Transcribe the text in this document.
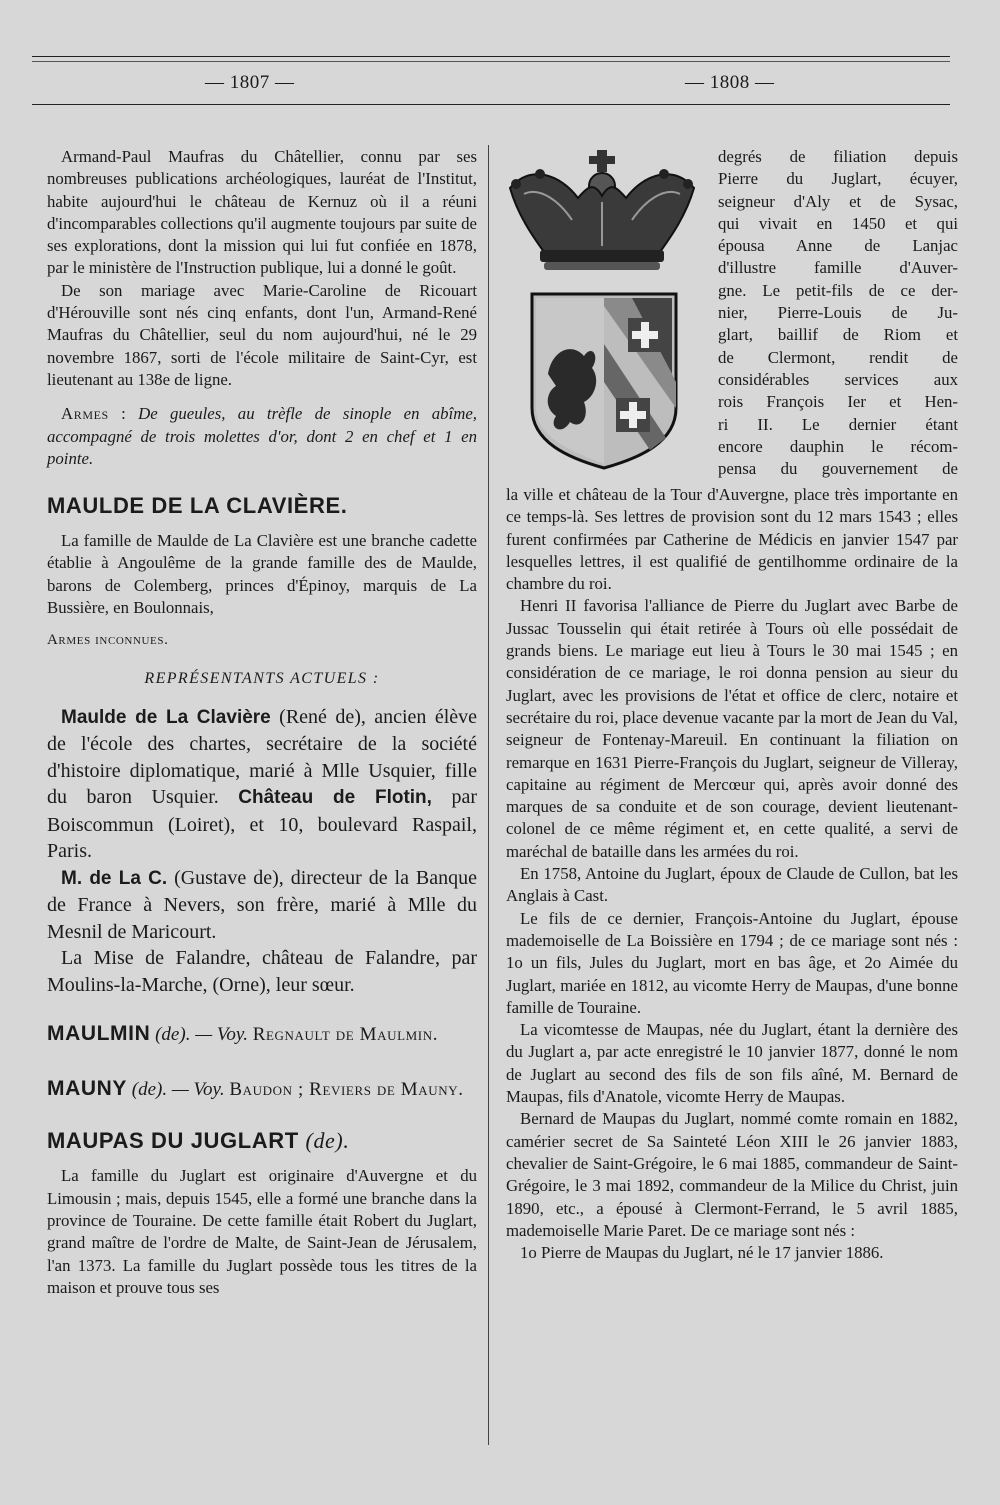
— 1807 —	— 1808 —

Armand-Paul Maufras du Châtellier, connu par ses nombreuses publications archéologiques, lauréat de l'Institut, habite aujourd'hui le château de Kernuz où il a réuni d'incomparables collections qu'il augmente toujours par suite de ses explorations, dont la mission qui lui fut confiée en 1878, par le ministère de l'Instruction publique, lui a donné le goût.

De son mariage avec Marie-Caroline de Ricouart d'Hérouville sont nés cinq enfants, dont l'un, Armand-René Maufras du Châtellier, seul du nom aujourd'hui, né le 29 novembre 1867, sorti de l'école militaire de Saint-Cyr, est lieutenant au 138e de ligne.

Armes : De gueules, au trèfle de sinople en abîme, accompagné de trois molettes d'or, dont 2 en chef et 1 en pointe.

MAULDE DE LA CLAVIÈRE.

La famille de Maulde de La Clavière est une branche cadette établie à Angoulême de la grande famille des de Maulde, barons de Colemberg, princes d'Épinoy, marquis de La Bussière, en Boulonnais,

Armes inconnues.

REPRÉSENTANTS ACTUELS :

Maulde de La Clavière (René de), ancien élève de l'école des chartes, secrétaire de la société d'histoire diplomatique, marié à Mlle Usquier, fille du baron Usquier. Château de Flotin, par Boiscommun (Loiret), et 10, boulevard Raspail, Paris.

M. de La C. (Gustave de), directeur de la Banque de France à Nevers, son frère, marié à Mlle du Mesnil de Maricourt.

La Mise de Falandre, château de Falandre, par Moulins-la-Marche, (Orne), leur sœur.

MAULMIN (de). — Voy. Regnault de Maulmin.

MAUNY (de). — Voy. Baudon ; Reviers de Mauny.

MAUPAS DU JUGLART (de).

La famille du Juglart est originaire d'Auvergne et du Limousin ; mais, depuis 1545, elle a formé une branche dans la province de Touraine. De cette famille était Robert du Juglart, grand maître de l'ordre de Malte, de Saint-Jean de Jérusalem, l'an 1373. La famille du Juglart possède tous les titres de la maison et prouve tous ses

degrés de filiation depuis
Pierre du Juglart, écuyer,
seigneur d'Aly et de Sysac,
qui vivait en 1450 et qui
épousa Anne de Lanjac
d'illustre famille d'Auver-
gne. Le petit-fils de ce der-
nier, Pierre-Louis de Ju-
glart, baillif de Riom et
de Clermont, rendit de
considérables services aux
rois François Ier et Hen-
ri II. Le dernier étant
encore dauphin le récom-
pensa du gouvernement de

la ville et château de la Tour d'Auvergne, place très importante en ce temps-là. Ses lettres de provision sont du 12 mars 1543 ; elles furent confirmées par Catherine de Médicis en janvier 1547 par lesquelles lettres, il est qualifié de gentilhomme ordinaire de la chambre du roi.

Henri II favorisa l'alliance de Pierre du Juglart avec Barbe de Jussac Tousselin qui était retirée à Tours où elle possédait de grands biens. Le mariage eut lieu à Tours le 30 mai 1545 ; en considération de ce mariage, le roi donna pension au sieur du Juglart, avec les provisions de l'état et office de clerc, notaire et secrétaire du roi, place devenue vacante par la mort de Jean du Val, seigneur de Fontenay-Mareuil. En continuant la filiation on remarque en 1631 Pierre-François du Juglart, seigneur de Villeray, capitaine au régiment de Mercœur qui, après avoir donné des marques de sa conduite et de son courage, devient lieutenant-colonel de ce même régiment et, en cette qualité, a servi de maréchal de bataille dans les armées du roi.

En 1758, Antoine du Juglart, époux de Claude de Cullon, bat les Anglais à Cast.

Le fils de ce dernier, François-Antoine du Juglart, épouse mademoiselle de La Boissière en 1794 ; de ce mariage sont nés : 1o un fils, Jules du Juglart, mort en bas âge, et 2o Aimée du Juglart, mariée en 1812, au vicomte Herry de Maupas, d'une bonne famille de Touraine.

La vicomtesse de Maupas, née du Juglart, étant la dernière des du Juglart a, par acte enregistré le 10 janvier 1877, donné le nom de Juglart au second des fils de son fils aîné, M. Bernard de Maupas, fils d'Anatole, vicomte Herry de Maupas.

Bernard de Maupas du Juglart, nommé comte romain en 1882, camérier secret de Sa Sainteté Léon XIII le 26 janvier 1883, chevalier de Saint-Grégoire, le 6 mai 1885, commandeur de Saint-Grégoire, le 3 mai 1892, commandeur de la Milice du Christ, juin 1890, etc., a épousé à Clermont-Ferrand, le 5 avril 1885, mademoiselle Marie Paret. De ce mariage sont nés :

1o Pierre de Maupas du Juglart, né le 17 janvier 1886.
